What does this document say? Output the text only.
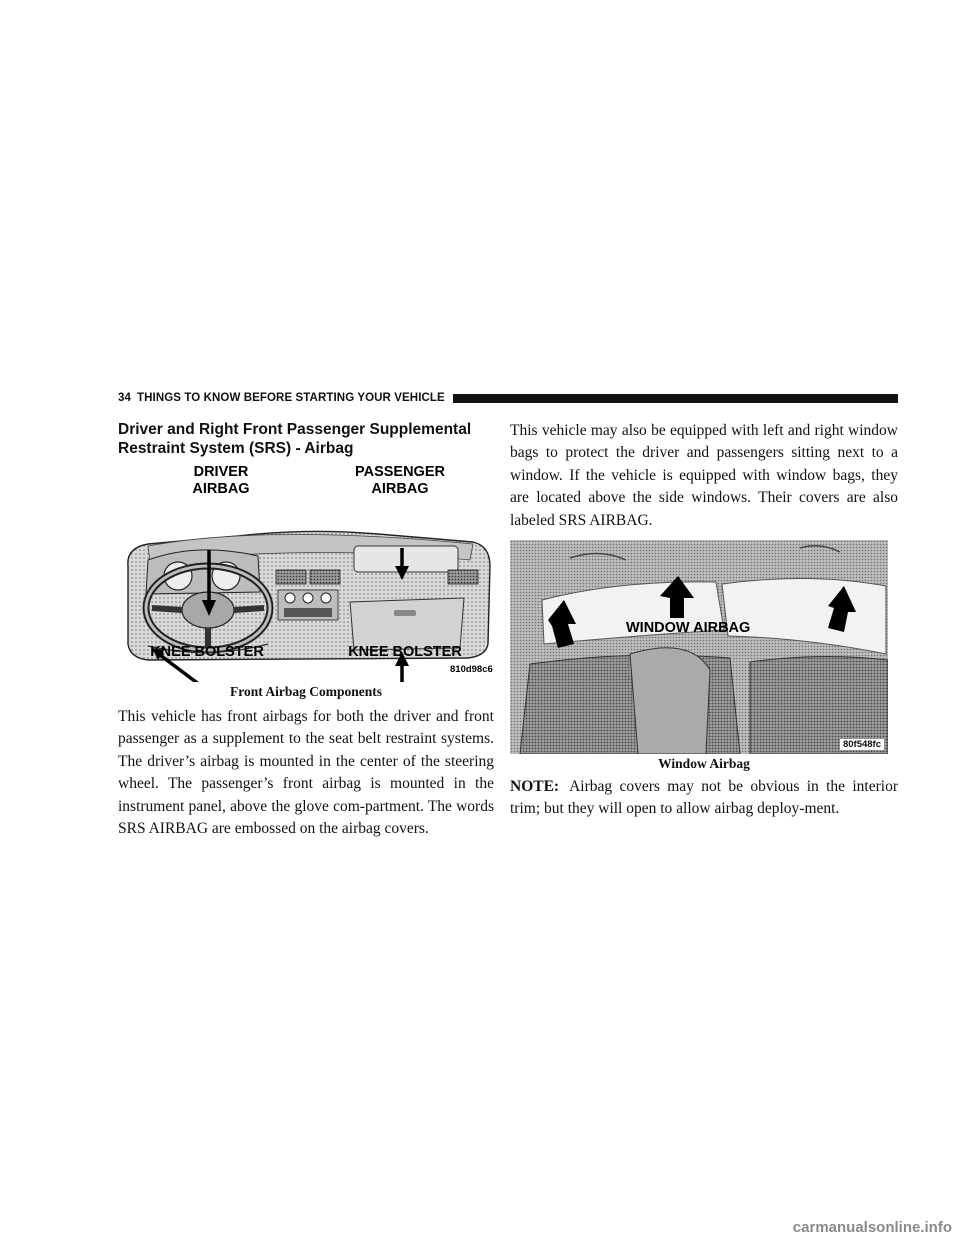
34 THINGS TO KNOW BEFORE STARTING YOUR VEHICLE
Driver and Right Front Passenger Supplemental Restraint System (SRS) - Airbag
DRIVER
AIRBAG
PASSENGER
AIRBAG
KNEE BOLSTER	KNEE BOLSTER
810d98c6

Front Airbag Components

This vehicle has front airbags for both the driver and front passenger as a supplement to the seat belt restraint systems. The driver’s airbag is mounted in the center of the steering wheel. The passenger’s front airbag is mounted in the instrument panel, above the glove com-partment. The words SRS AIRBAG are embossed on the airbag covers.

This vehicle may also be equipped with left and right window bags to protect the driver and passengers sitting next to a window. If the vehicle is equipped with window bags, they are located above the side windows. Their covers are also labeled SRS AIRBAG.

WINDOW AIRBAG
80f548fc

Window Airbag

NOTE: Airbag covers may not be obvious in the interior trim; but they will open to allow airbag deploy-ment.

carmanualsonline.info
